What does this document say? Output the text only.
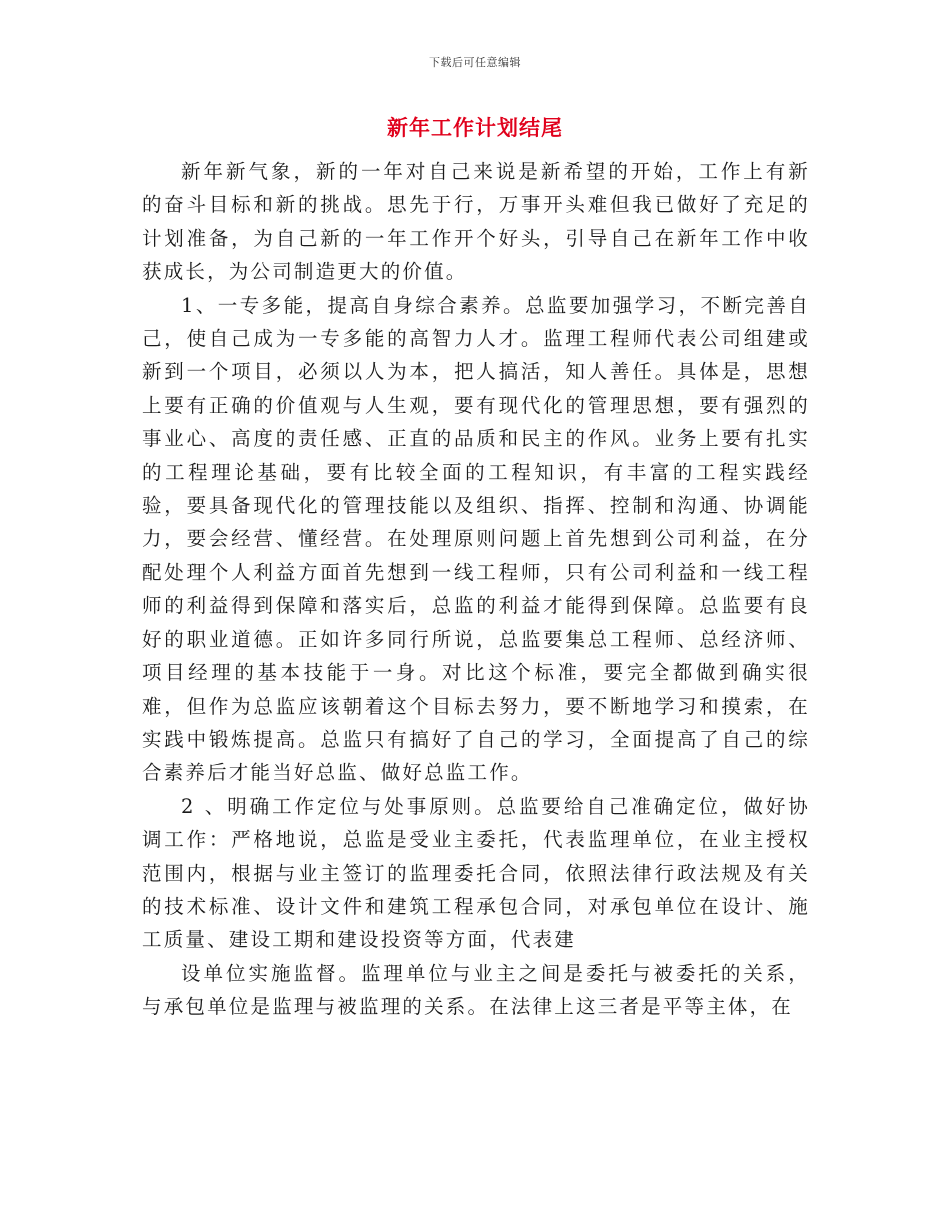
下载后可任意编辑
新年工作计划结尾

新年新气象，新的一年对自己来说是新希望的开始，工作上有新的奋斗目标和新的挑战。思先于行，万事开头难但我已做好了充足的计划准备，为自己新的一年工作开个好头，引导自己在新年工作中收获成长，为公司制造更大的价值。

1、一专多能，提高自身综合素养。总监要加强学习，不断完善自己，使自己成为一专多能的高智力人才。监理工程师代表公司组建或新到一个项目，必须以人为本，把人搞活，知人善任。具体是，思想上要有正确的价值观与人生观，要有现代化的管理思想，要有强烈的事业心、高度的责任感、正直的品质和民主的作风。业务上要有扎实的工程理论基础，要有比较全面的工程知识，有丰富的工程实践经验，要具备现代化的管理技能以及组织、指挥、控制和沟通、协调能力，要会经营、懂经营。在处理原则问题上首先想到公司利益，在分配处理个人利益方面首先想到一线工程师，只有公司利益和一线工程师的利益得到保障和落实后，总监的利益才能得到保障。总监要有良好的职业道德。正如许多同行所说，总监要集总工程师、总经济师、项目经理的基本技能于一身。对比这个标准，要完全都做到确实很难，但作为总监应该朝着这个目标去努力，要不断地学习和摸索，在实践中锻炼提高。总监只有搞好了自己的学习，全面提高了自己的综合素养后才能当好总监、做好总监工作。

2 、明确工作定位与处事原则。总监要给自己准确定位，做好协调工作：严格地说，总监是受业主委托，代表监理单位，在业主授权范围内，根据与业主签订的监理委托合同，依照法律行政法规及有关的技术标准、设计文件和建筑工程承包合同，对承包单位在设计、施工质量、建设工期和建设投资等方面，代表建

设单位实施监督。监理单位与业主之间是委托与被委托的关系，与承包单位是监理与被监理的关系。在法律上这三者是平等主体，在
